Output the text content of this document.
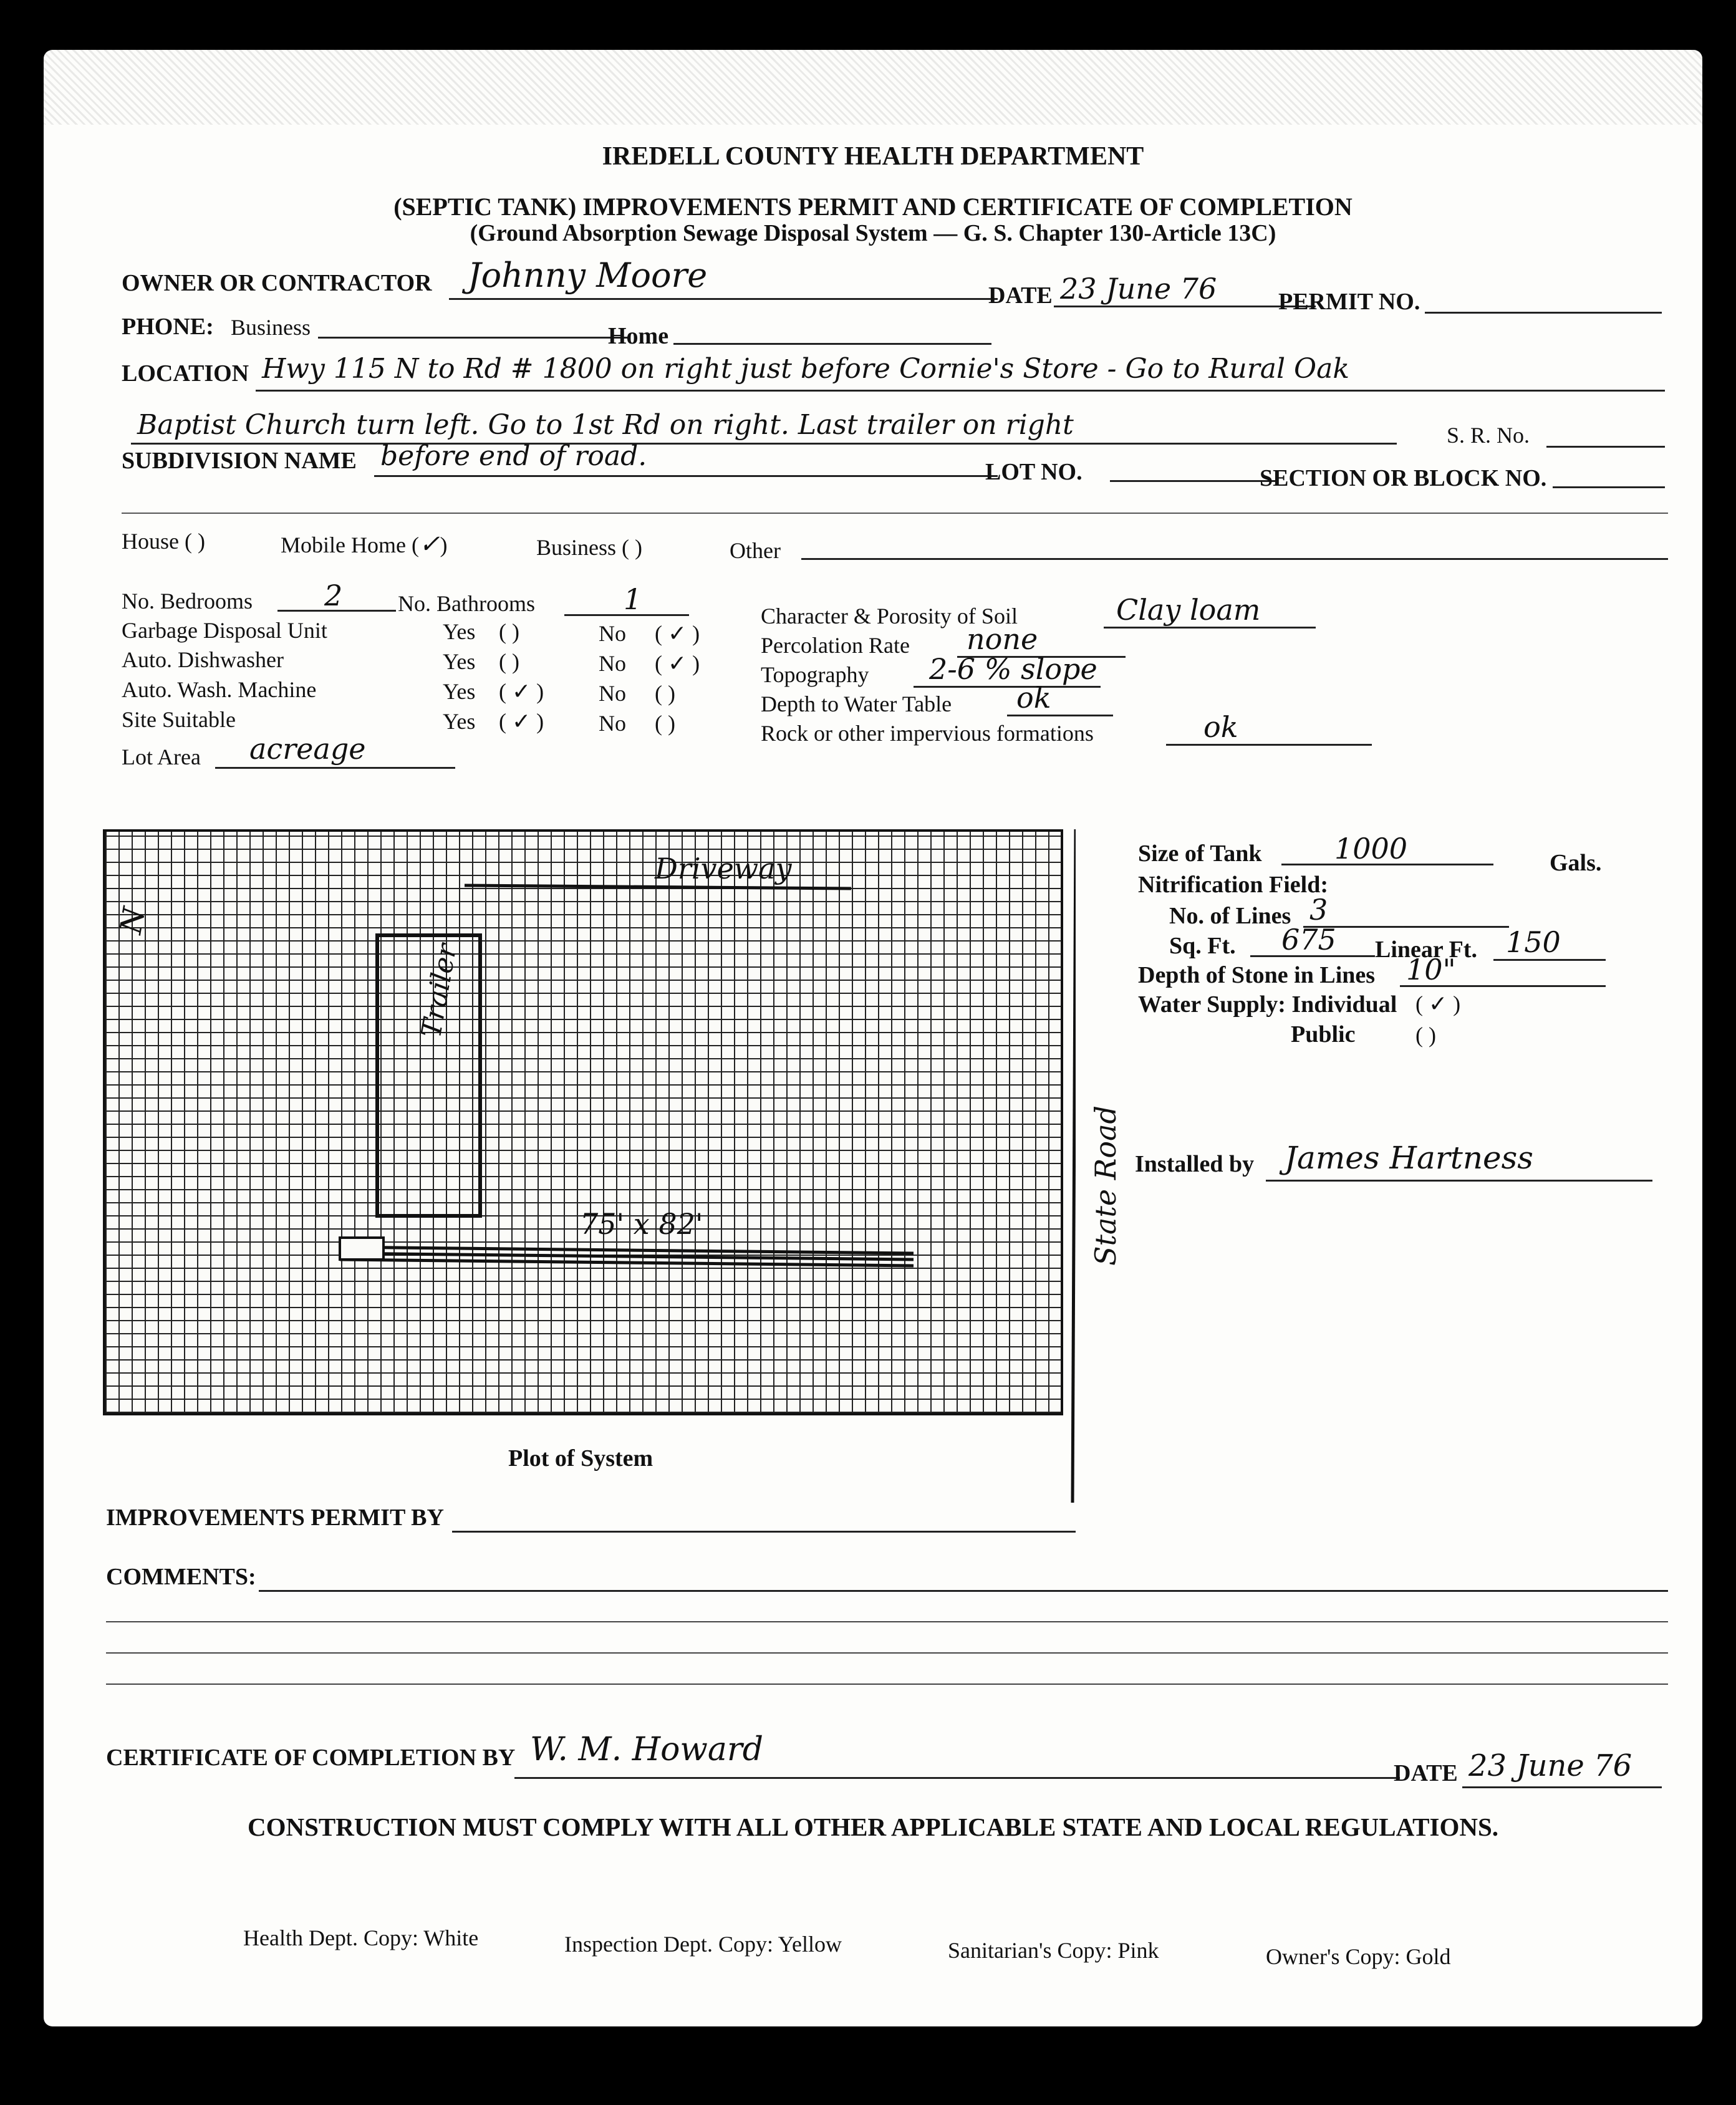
IREDELL COUNTY HEALTH DEPARTMENT
(SEPTIC TANK) IMPROVEMENTS PERMIT AND CERTIFICATE OF COMPLETION
(Ground Absorption Sewage Disposal System — G. S. Chapter 130-Article 13C)
OWNER OR CONTRACTOR Johnny Moore
DATE 23 June 76	PERMIT NO.
PHONE: Business	Home
LOCATION Hwy 115 N to Rd # 1800 on right just before Cornie's Store - Go to Rural Oak
Baptist Church turn left. Go to 1st Rd on right. Last trailer on right	S. R. No.
SUBDIVISION NAME before end of road.	LOT NO.	SECTION OR BLOCK NO.
House ( )	Mobile Home (✓)	Business ( )	Other
No. Bedrooms	2 No. Bathrooms	1
Garbage Disposal Unit	Yes ( )	No ( ✓ )
Auto. Dishwasher	Yes ( )	No ( ✓ )
Auto. Wash. Machine	Yes ( ✓ ) No ( )
Site Suitable	Yes ( ✓ ) No ( )
Lot Area acreage
Character & Porosity of Soil	Clay loam
Percolation Rate none
Topography 2-6 % slope
Depth to Water Table ok
Rock or other impervious formations	ok
N
Driveway
Trailer
75' x 82'	State Road
Plot of System
Size of Tank	1000	Gals.
Nitrification Field:
No. of Lines 3
Sq. Ft. 675 Linear Ft. 150
Depth of Stone in Lines 10"
Water Supply: Individual ( ✓ )
Public	( )
Installed by James Hartness
IMPROVEMENTS PERMIT BY
COMMENTS:
CERTIFICATE OF COMPLETION BY W. M. Howard
DATE 23 June 76
CONSTRUCTION MUST COMPLY WITH ALL OTHER APPLICABLE STATE AND LOCAL REGULATIONS.
Health Dept. Copy: White	Inspection Dept. Copy: Yellow	Sanitarian's Copy: Pink	Owner's Copy: Gold
